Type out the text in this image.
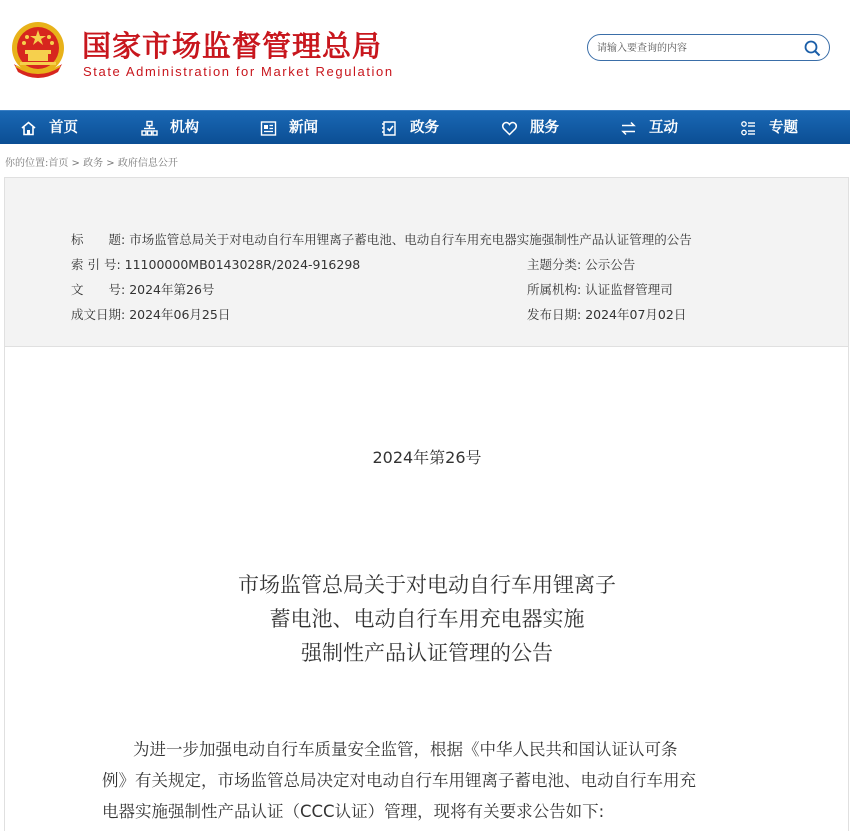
国家市场监督管理总局
State Administration for Market Regulation
请输入要查询的内容
首页	机构	新闻	政务	服务	互动	专题
你的位置:首页 > 政务 > 政府信息公开
标　　题: 市场监管总局关于对电动自行车用锂离子蓄电池、电动自行车用充电器实施强制性产品认证管理的公告
索 引 号: 11100000MB0143028R/2024-916298	主题分类: 公示公告
文　　号: 2024年第26号	所属机构: 认证监督管理司
成文日期: 2024年06月25日	发布日期: 2024年07月02日
2024年第26号
市场监管总局关于对电动自行车用锂离子
蓄电池、电动自行车用充电器实施
强制性产品认证管理的公告
　　为进一步加强电动自行车质量安全监管，根据《中华人民共和国认证认可条
例》有关规定，市场监管总局决定对电动自行车用锂离子蓄电池、电动自行车用充
电器实施强制性产品认证（CCC认证）管理，现将有关要求公告如下:
